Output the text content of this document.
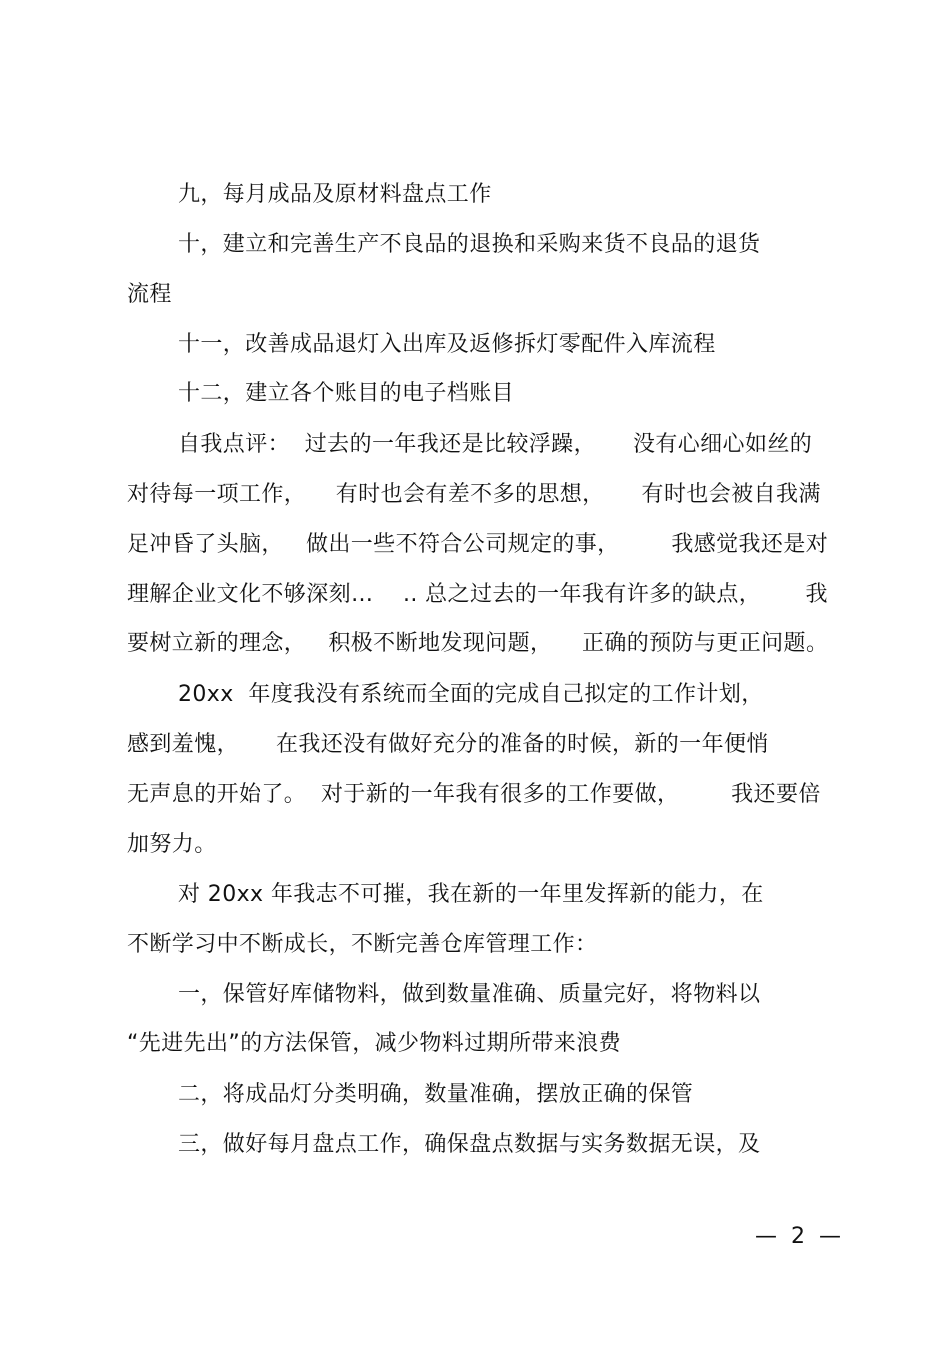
九，每月成品及原材料盘点工作
十，建立和完善生产不良品的退换和采购来货不良品的退货
流程
十一，改善成品退灯入出库及返修拆灯零配件入库流程
十二，建立各个账目的电子档账目
自我点评：  过去的一年我还是比较浮躁，     没有心细心如丝的
对待每一项工作，    有时也会有差不多的思想，     有时也会被自我满
足冲昏了头脑，   做出一些不符合公司规定的事，       我感觉我还是对
理解企业文化不够深刻…    .. 总之过去的一年我有许多的缺点，      我
要树立新的理念，   积极不断地发现问题，    正确的预防与更正问题。
20xx  年度我没有系统而全面的完成自己拟定的工作计划，
感到羞愧，     在我还没有做好充分的准备的时候，新的一年便悄
无声息的开始了。  对于新的一年我有很多的工作要做，       我还要倍
加努力。
对 20xx 年我志不可摧，我在新的一年里发挥新的能力，在
不断学习中不断成长，不断完善仓库管理工作：
一，保管好库储物料，做到数量准确、质量完好，将物料以
“先进先出”的方法保管，减少物料过期所带来浪费
二，将成品灯分类明确，数量准确，摆放正确的保管
三，做好每月盘点工作，确保盘点数据与实务数据无误，及
—  2  —
